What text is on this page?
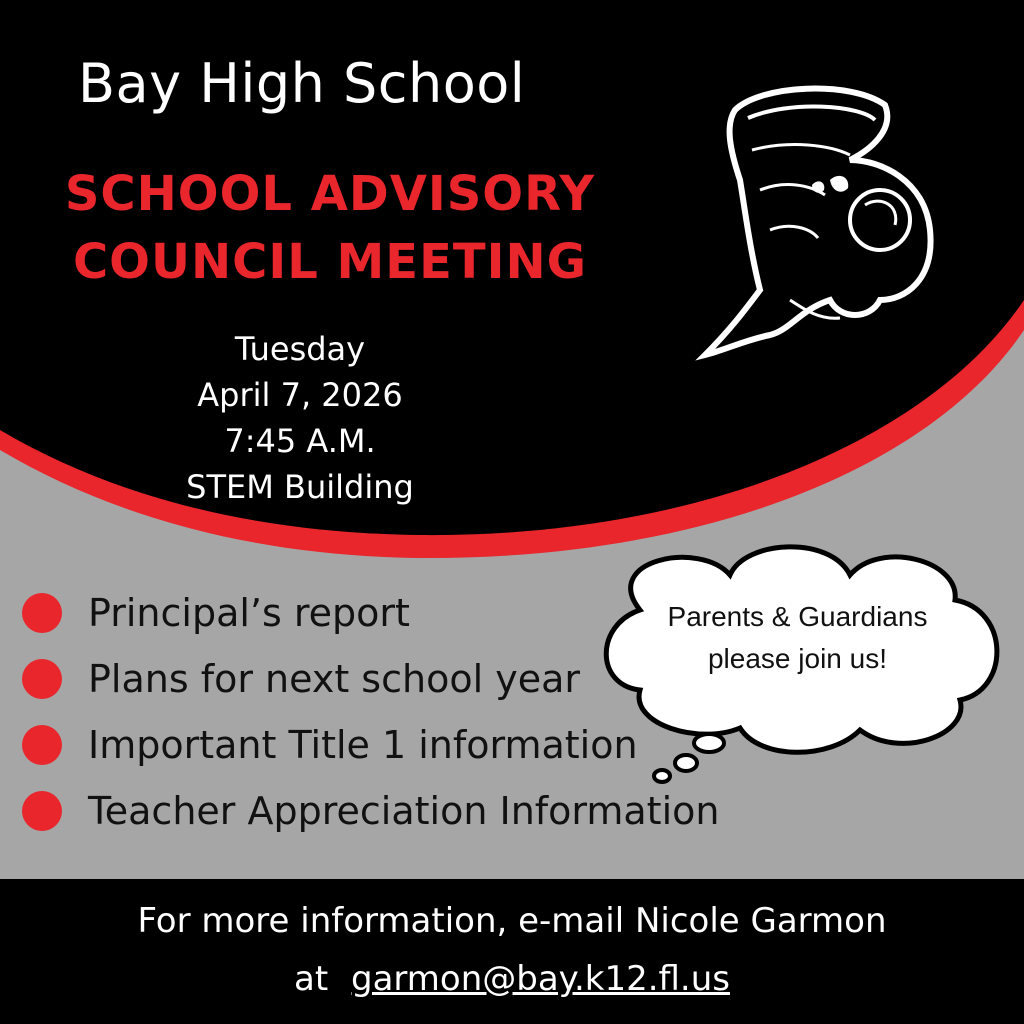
Bay High School
SCHOOL ADVISORY
COUNCIL MEETING
Tuesday
April 7, 2026
7:45 A.M.
STEM Building
Principal’s report
Plans for next school year
Important Title 1 information
Teacher Appreciation Information
Parents & Guardians
please join us!
For more information, e-mail Nicole Garmon
at garmon@bay.k12.fl.us
